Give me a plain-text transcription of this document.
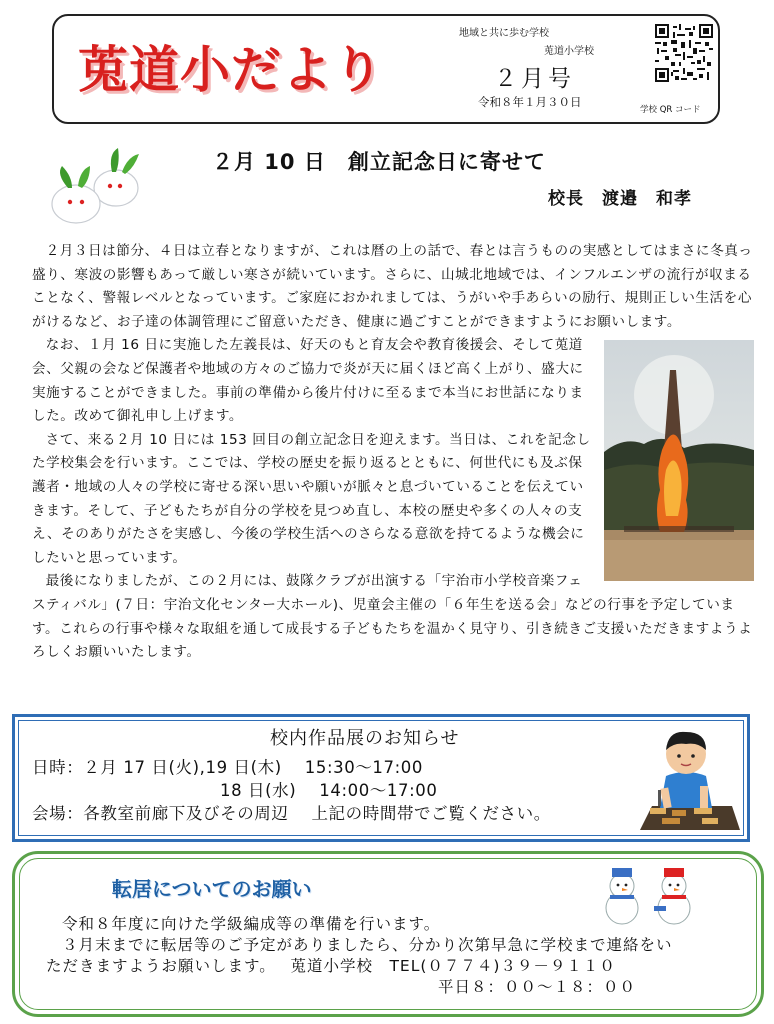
莵道小だより
地域と共に歩む学校
莵道小学校
２月号
令和８年１月３０日
学校 QR コード
２月 10 日　創立記念日に寄せて
校長　渡邉　和孝

２月３日は節分、４日は立春となりますが、これは暦の上の話で、春とは言うものの実感としてはまさに冬真っ盛り、寒波の影響もあって厳しい寒さが続いています。さらに、山城北地域では、インフルエンザの流行が収まることなく、警報レベルとなっています。ご家庭におかれましては、うがいや手あらいの励行、規則正しい生活を心がけるなど、お子達の体調管理にご留意いただき、健康に過ごすことができますようにお願いします。

なお、１月 16 日に実施した左義長は、好天のもと育友会や教育後援会、そして莵道会、父親の会など保護者や地域の方々のご協力で炎が天に届くほど高く上がり、盛大に実施することができました。事前の準備から後片付けに至るまで本当にお世話になりました。改めて御礼申し上げます。

さて、来る２月 10 日には 153 回目の創立記念日を迎えます。当日は、これを記念した学校集会を行います。ここでは、学校の歴史を振り返るとともに、何世代にも及ぶ保護者・地域の人々の学校に寄せる深い思いや願いが脈々と息づいていることを伝えていきます。そして、子どもたちが自分の学校を見つめ直し、本校の歴史や多くの人々の支え、そのありがたさを実感し、今後の学校生活へのさらなる意欲を持てるような機会にしたいと思っています。

最後になりましたが、この２月には、鼓隊クラブが出演する「宇治市小学校音楽フェスティバル」(７日：宇治文化センター大ホール)、児童会主催の「６年生を送る会」などの行事を予定しています。これらの行事や様々な取組を通して成長する子どもたちを温かく見守り、引き続きご支援いただきますようよろしくお願いいたします。

校内作品展のお知らせ
日時：２月 17 日(火),19 日(木)　 15:30～17:00
18 日(水)　 14:00～17:00
会場：各教室前廊下及びその周辺　 上記の時間帯でご覧ください。
転居についてのお願い
令和８年度に向けた学級編成等の準備を行います。
３月末までに転居等のご予定がありましたら、分かり次第早急に学校まで連絡をい
ただきますようお願いします。　 莵道小学校　TEL(０７７４)３９－９１１０
平日８：００～１８：００
